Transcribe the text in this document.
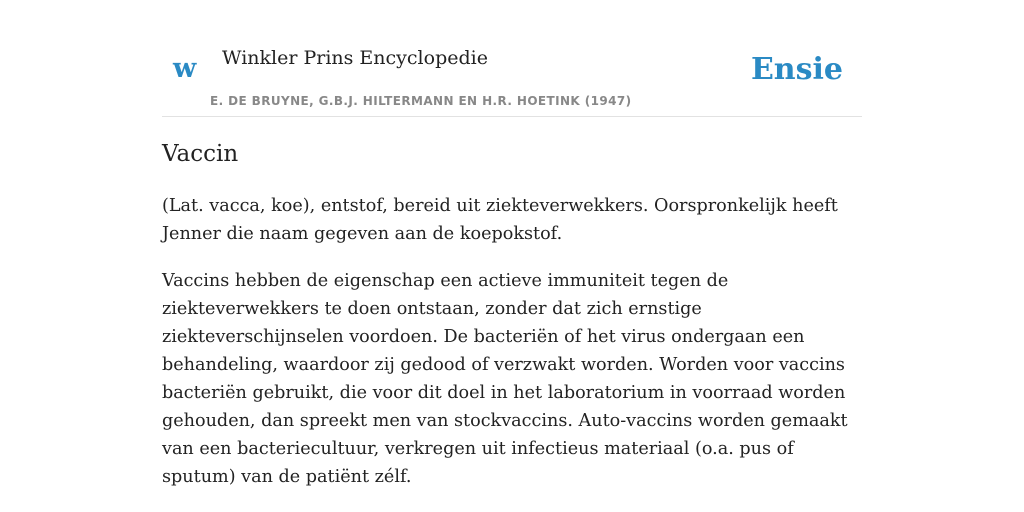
w Winkler Prins Encyclopedie
E. DE BRUYNE, G.B.J. HILTERMANN EN H.R. HOETINK (1947)
Ensie
Vaccin

(Lat. vacca, koe), entstof, bereid uit ziekteverwekkers. Oorspronkelijk heeft Jenner die naam gegeven aan de koepokstof.

Vaccins hebben de eigenschap een actieve immuniteit tegen de ziekteverwekkers te doen ontstaan, zonder dat zich ernstige ziekteverschijnselen voordoen. De bacteriën of het virus ondergaan een behandeling, waardoor zij gedood of verzwakt worden. Worden voor vaccins bacteriën gebruikt, die voor dit doel in het laboratorium in voorraad worden gehouden, dan spreekt men van stockvaccins. Auto-vaccins worden gemaakt van een bacteriecultuur, verkregen uit infectieus materiaal (o.a. pus of sputum) van de patiënt zélf.
